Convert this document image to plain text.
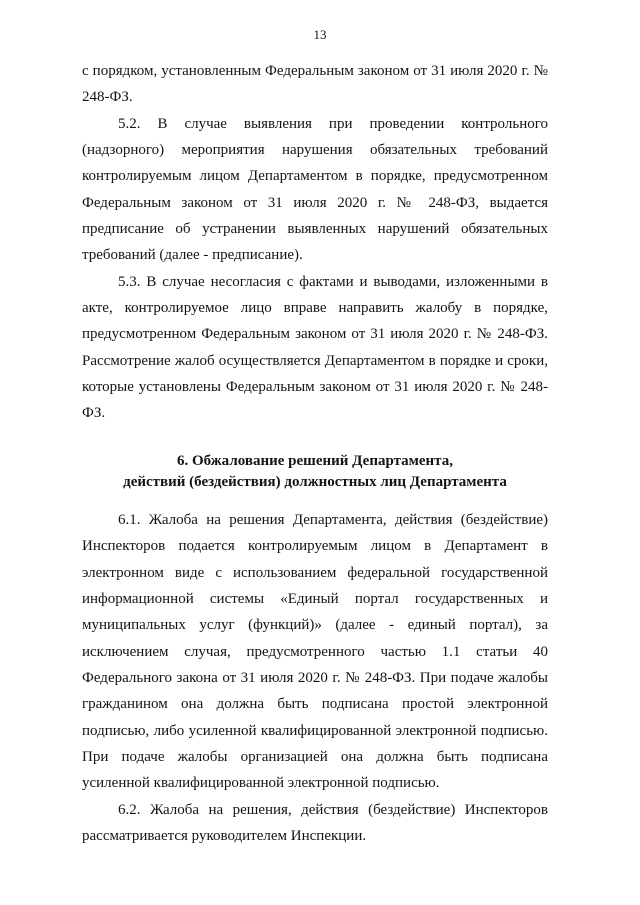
13

с порядком, установленным Федеральным законом от 31 июля 2020 г. № 248-ФЗ.

5.2. В случае выявления при проведении контрольного (надзорного) мероприятия нарушения обязательных требований контролируемым лицом Департаментом в порядке, предусмотренном Федеральным законом от 31 июля 2020 г. № 248-ФЗ, выдается предписание об устранении выявленных нарушений обязательных требований (далее - предписание).

5.3. В случае несогласия с фактами и выводами, изложенными в акте, контролируемое лицо вправе направить жалобу в порядке, предусмотренном Федеральным законом от 31 июля 2020 г. № 248-ФЗ. Рассмотрение жалоб осуществляется Департаментом в порядке и сроки, которые установлены Федеральным законом от 31 июля 2020 г. № 248-ФЗ.

6. Обжалование решений Департамента,
действий (бездействия) должностных лиц Департамента

6.1. Жалоба на решения Департамента, действия (бездействие) Инспекторов подается контролируемым лицом в Департамент в электронном виде с использованием федеральной государственной информационной системы «Единый портал государственных и муниципальных услуг (функций)» (далее - единый портал), за исключением случая, предусмотренного частью 1.1 статьи 40 Федерального закона от 31 июля 2020 г. № 248-ФЗ. При подаче жалобы гражданином она должна быть подписана простой электронной подписью, либо усиленной квалифицированной электронной подписью. При подаче жалобы организацией она должна быть подписана усиленной квалифицированной электронной подписью.

6.2. Жалоба на решения, действия (бездействие) Инспекторов рассматривается руководителем Инспекции.
